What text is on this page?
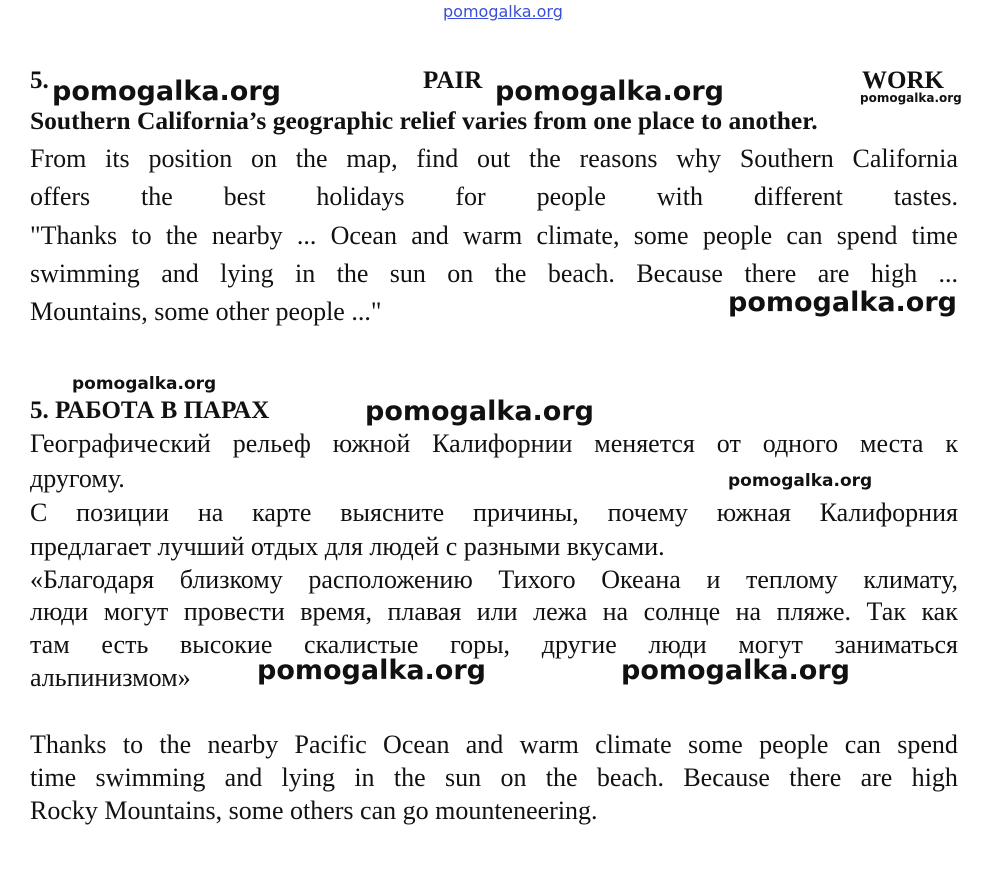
pomogalka.org
pomogalka.org	pomogalka.org	pomogalka.org
pomogalka.org
pomogalka.org
pomogalka.org
pomogalka.org
pomogalka.org	pomogalka.org
5.	PAIR	WORK
Southern California’s geographic relief varies from one place to another.
From its position on the map, find out the reasons why Southern California
offers the best holidays for people with different tastes.
"Thanks to the nearby ... Ocean and warm climate, some people can spend time
swimming and lying in the sun on the beach. Because there are high ...
Mountains, some other people ..."
5. РАБОТА В ПАРАХ
Географический рельеф южной Калифорнии меняется от одного места к
другому.
С позиции на карте выясните причины, почему южная Калифорния
предлагает лучший отдых для людей с разными вкусами.
«Благодаря близкому расположению Тихого Океана и теплому климату,
люди могут провести время, плавая или лежа на солнце на пляже. Так как
там есть высокие скалистые горы, другие люди могут заниматься
альпинизмом»
Thanks to the nearby Pacific Ocean and warm climate some people can spend
time swimming and lying in the sun on the beach. Because there are high
Rocky Mountains, some others can go mounteneering.
